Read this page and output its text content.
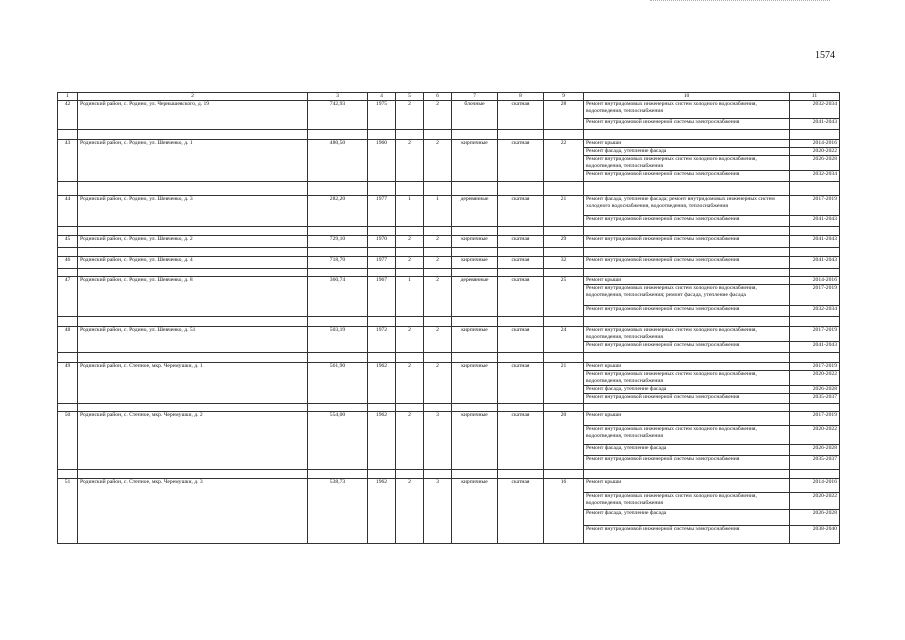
1574
1	2	3	4	5	6	7	8	9	10	11
42	Родинский район, с. Родино, ул. Чернышевского, д. 19	742,93	1975	2	2	блочные	скатная	28	Ремонт внутридомовых инженерных систем холодного водоснабжения, водоотведения, теплоснабжения	2032-2034
									Ремонт внутридомовой инженерной системы электроснабжения	2041-2043

43	Родинский район, с. Родино, ул. Шевченко, д. 1	480,50	1960	2	2	кирпичные	скатная	22	Ремонт крыши	2014-2016
									Ремонт фасада, утепление фасада	2020-2022
									Ремонт внутридомовых инженерных систем холодного водоснабжения, водоотведения, теплоснабжения	2026-2028
									Ремонт внутридомовой инженерной системы электроснабжения	2032-2034

44	Родинский район, с. Родино, ул. Шевченко, д. 3	282,20	1977	1	1	деревянные	скатная	21	Ремонт фасада, утепление фасада; ремонт внутридомовых инженерных систем холодного водоснабжения, водоотведения, теплоснабжения	2017-2019
									Ремонт внутридомовой инженерной системы электроснабжения	2041-2043

45	Родинский район, с. Родино, ул. Шевченко, д. 2	729,10	1970	2	2	кирпичные	скатная	29	Ремонт внутридомовой инженерной системы электроснабжения	2041-2043

46	Родинский район, с. Родино, ул. Шевченко, д. 4	718,70	1977	2	2	кирпичные	скатная	32	Ремонт внутридомовой инженерной системы электроснабжения	2041-2043

47	Родинский район, с. Родино, ул. Шевченко, д. 8	360,74	1967	1	2	деревянные	скатная	25	Ремонт крыши	2014-2016
									Ремонт внутридомовых инженерных систем холодного водоснабжения, водоотведения, теплоснабжения; ремонт фасада, утепление фасада	2017-2019
									Ремонт внутридомовой инженерной системы электроснабжения	2032-2034

48	Родинский район, с. Родино, ул. Шевченко, д. 51	503,19	1972	2	2	кирпичные	скатная	24	Ремонт внутридомовых инженерных систем холодного водоснабжения, водоотведения, теплоснабжения	2017-2019
									Ремонт внутридомовой инженерной системы электроснабжения	2041-2043

49	Родинский район, с. Степное, мкр. Черемушки, д. 1	561,90	1962	2	2	кирпичные	скатная	21	Ремонт крыши	2017-2019
									Ремонт внутридомовых инженерных систем холодного водоснабжения, водоотведения, теплоснабжения	2020-2022
									Ремонт фасада, утепление фасада	2026-2028
									Ремонт внутридомовой инженерной системы электроснабжения	2035-2037

50	Родинский район, с. Степное, мкр. Черемушки, д. 2	554,00	1962	2	3	кирпичные	скатная	20	Ремонт крыши	2017-2019
									Ремонт внутридомовых инженерных систем холодного водоснабжения, водоотведения, теплоснабжения	2020-2022
									Ремонт фасада, утепление фасада	2026-2028
									Ремонт внутридомовой инженерной системы электроснабжения	2035-2037

51	Родинский район, с. Степное, мкр. Черемушки, д. 3	538,73	1962	2	3	кирпичные	скатная	16	Ремонт крыши	2014-2016
									Ремонт внутридомовых инженерных систем холодного водоснабжения, водоотведения, теплоснабжения	2020-2022
									Ремонт фасада, утепление фасада	2026-2028
									Ремонт внутридомовой инженерной системы электроснабжения	2038-2040
